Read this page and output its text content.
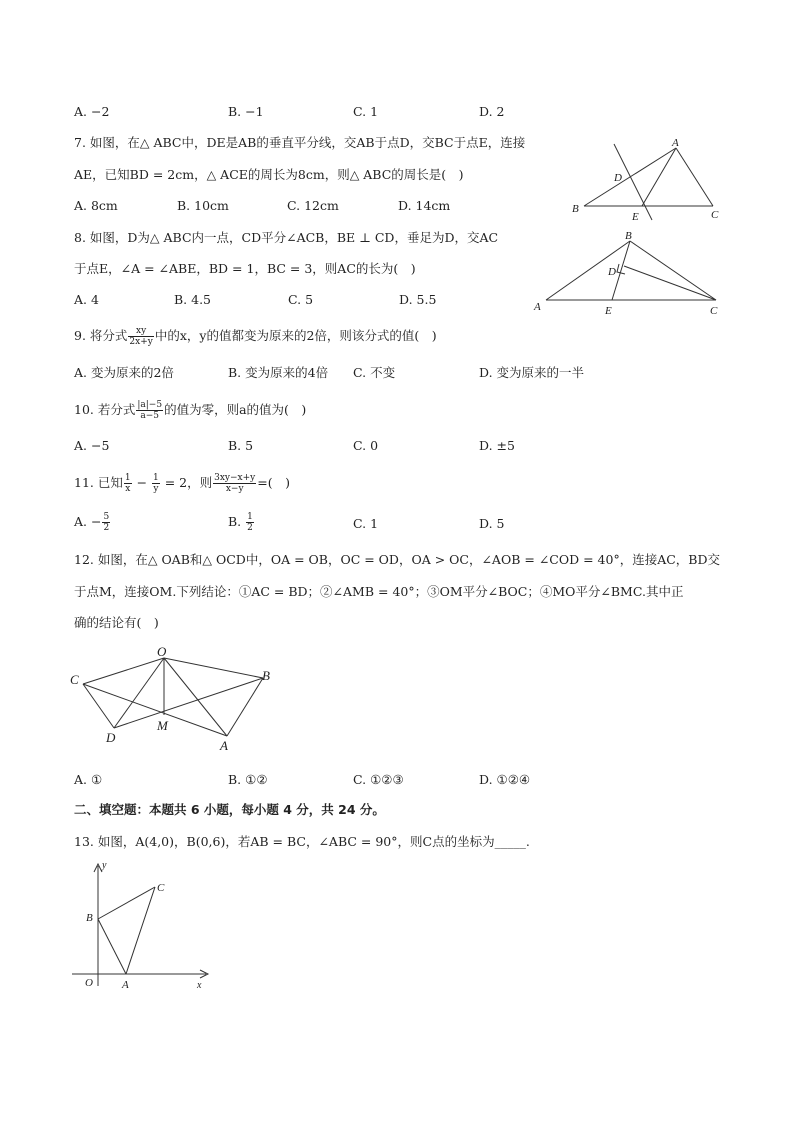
A. −2	B. −1	C. 1	D. 2
7. 如图，在△ ABC中，DE是AB的垂直平分线，交AB于点D，交BC于点E，连接
AE，已知BD = 2cm，△ ACE的周长为8cm，则△ ABC的周长是(　)
A. 8cm	B. 10cm	C. 12cm	D. 14cm
A
D
B
E	C
8. 如图，D为△ ABC内一点，CD平分∠ACB，BE ⊥ CD，垂足为D，交AC
于点E，∠A = ∠ABE，BD = 1，BC = 3，则AC的长为(　)
A. 4	B. 4.5	C. 5	D. 5.5
B
D
A	E	C
9. 将分式 $\frac{xy}{2x+y}$ 中的x，y的值都变为原来的2倍，则该分式的值(　)
A. 变为原来的2倍	B. 变为原来的4倍 C. 不变	D. 变为原来的一半
10. 若分式 $\frac{|a|-5}{a-5}$ 的值为零，则a的值为(　)
A. −5	B. 5	C. 0	D. ±5
11. 已知 $\frac{1}{x} - \frac{1}{y} = 2$，则 $\frac{3xy-x+y}{x-y}$ =(　)
A. − $\frac{5}{2}$	B. $\frac{1}{2}$	C. 1	D. 5
12. 如图，在△ OAB和△ OCD中，OA = OB，OC = OD，OA > OC，∠AOB = ∠COD = 40°，连接AC，BD交
于点M，连接OM.下列结论：①AC = BD；②∠AMB = 40°；③OM平分∠BOC；④MO平分∠BMC.其中正
确的结论有(　)
O
C	B
D
M
A
A. ①	B. ①②	C. ①②③	D. ①②④
二、填空题：本题共 6 小题，每小题 4 分，共 24 分。
13. 如图，A(4,0)，B(0,6)，若AB = BC，∠ABC = 90°，则C点的坐标为_____.
y
C
B
O	A	x
